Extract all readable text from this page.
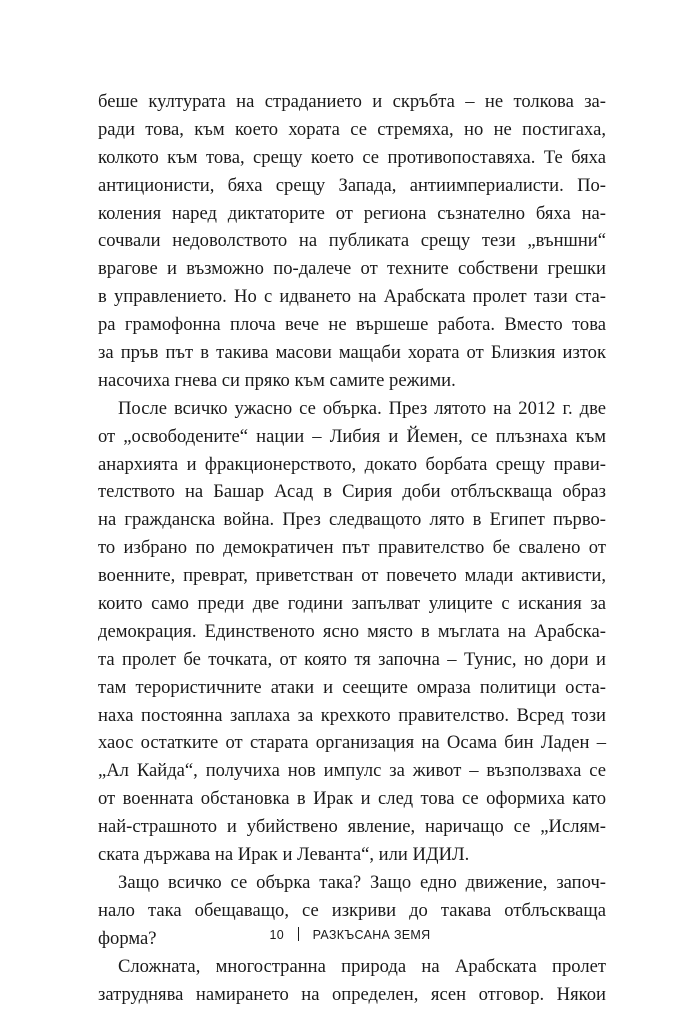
беше културата на страданието и скръбта – не толкова за-
ради това, към което хората се стремяха, но не постигаха,
колкото към това, срещу което се противопоставяха. Те бяха
антиционисти, бяха срещу Запада, антиимпериалисти. По-
коления наред диктаторите от региона съзнателно бяха на-
сочвали недоволството на публиката срещу тези „външни“
врагове и възможно по-далече от техните собствени грешки
в управлението. Но с идването на Арабската пролет тази ста-
ра грамофонна плоча вече не вършеше работа. Вместо това
за пръв път в такива масови мащаби хората от Близкия изток
насочиха гнева си пряко към самите режими.
После всичко ужасно се обърка. През лятото на 2012 г. две
от „освободените“ нации – Либия и Йемен, се плъзнаха към
анархията и фракционерството, докато борбата срещу прави-
телството на Башар Асад в Сирия доби отблъскваща образ
на гражданска война. През следващото лято в Египет първо-
то избрано по демократичен път правителство бе свалено от
военните, преврат, приветстван от повечето млади активисти,
които само преди две години запълват улиците с искания за
демокрация. Единственото ясно място в мъглата на Арабска-
та пролет бе точката, от която тя започна – Тунис, но дори и
там терористичните атаки и сеещите омраза политици оста-
наха постоянна заплаха за крехкото правителство. Всред този
хаос остатките от старата организация на Осама бин Ладен –
„Ал Кайда“, получиха нов импулс за живот – възползваха се
от военната обстановка в Ирак и след това се оформиха като
най-страшното и убийствено явление, наричащо се „Ислям-
ската държава на Ирак и Леванта“, или ИДИЛ.
Защо всичко се обърка така? Защо едно движение, започ-
нало така обещаващо, се изкриви до такава отблъскваща
форма?
Сложната, многостранна природа на Арабската пролет
затруднява намирането на определен, ясен отговор. Някои
10 РАЗКЪСАНА ЗЕМЯ
